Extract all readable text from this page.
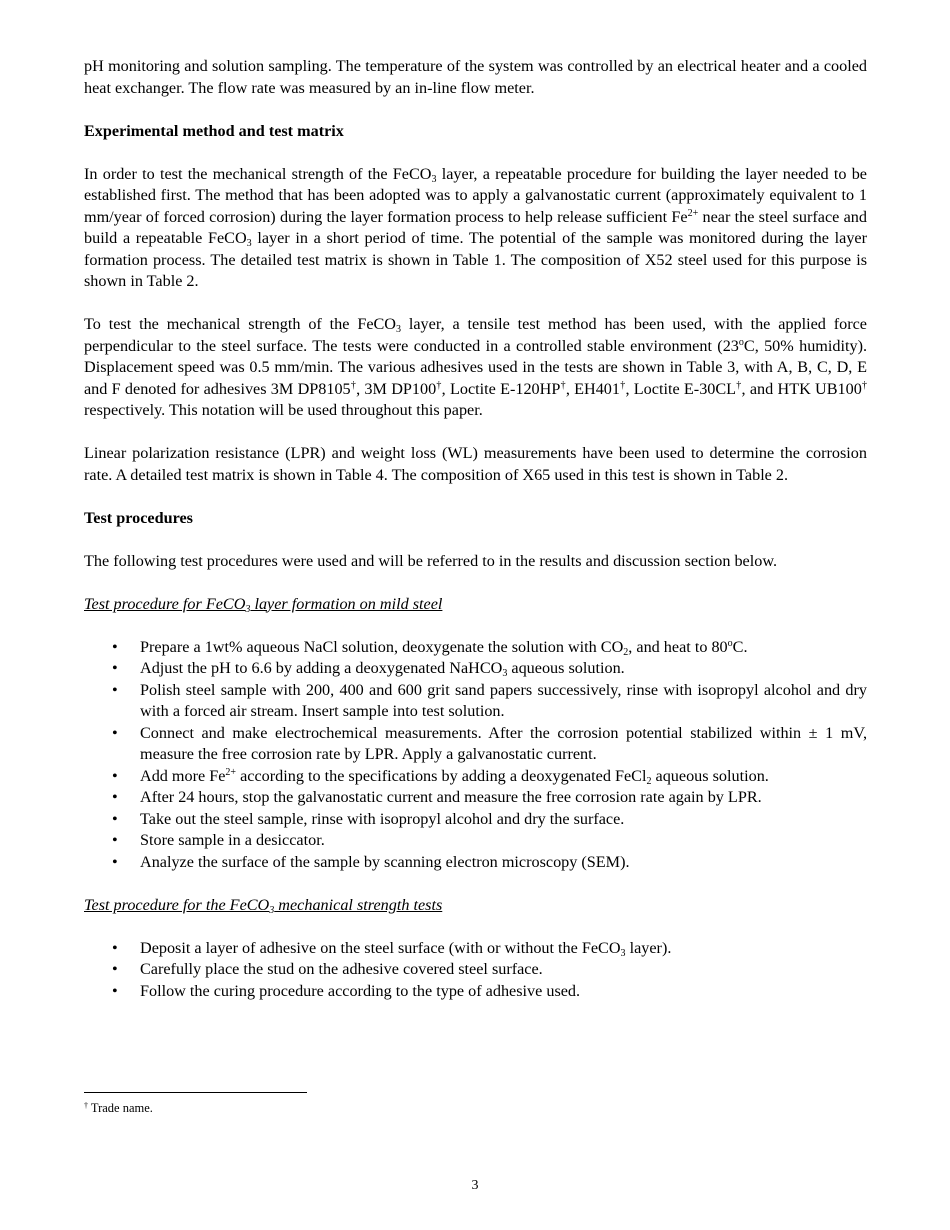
pH monitoring and solution sampling. The temperature of the system was controlled by an electrical heater and a cooled heat exchanger. The flow rate was measured by an in-line flow meter.

Experimental method and test matrix

In order to test the mechanical strength of the FeCO$_3$ layer, a repeatable procedure for building the layer needed to be established first. The method that has been adopted was to apply a galvanostatic current (approximately equivalent to 1 mm/year of forced corrosion) during the layer formation process to help release sufficient $Fe^{2+}$ near the steel surface and build a repeatable FeCO$_3$ layer in a short period of time. The potential of the sample was monitored during the layer formation process. The detailed test matrix is shown in Table 1. The composition of X52 steel used for this purpose is shown in Table 2.

To test the mechanical strength of the FeCO$_3$ layer, a tensile test method has been used, with the applied force perpendicular to the steel surface. The tests were conducted in a controlled stable environment (23$^o$C, 50% humidity). Displacement speed was 0.5 mm/min. The various adhesives used in the tests are shown in Table 3, with A, B, C, D, E and F denoted for adhesives 3M DP8105†, 3M DP100†, Loctite E-120HP†, EH401†, Loctite E-30CL†, and HTK UB100† respectively. This notation will be used throughout this paper.

Linear polarization resistance (LPR) and weight loss (WL) measurements have been used to determine the corrosion rate. A detailed test matrix is shown in Table 4. The composition of X65 used in this test is shown in Table 2.

Test procedures

The following test procedures were used and will be referred to in the results and discussion section below.

Test procedure for FeCO$_3$ layer formation on mild steel
• Prepare a 1wt% aqueous NaCl solution, deoxygenate the solution with $CO_2$, and heat to 80$^o$C.
• Adjust the pH to 6.6 by adding a deoxygenated NaHCO$_3$ aqueous solution.
• Polish steel sample with 200, 400 and 600 grit sand papers successively, rinse with isopropyl alcohol and dry with a forced air stream. Insert sample into test solution.
• Connect and make electrochemical measurements. After the corrosion potential stabilized within ± 1 mV, measure the free corrosion rate by LPR. Apply a galvanostatic current.
• Add more $Fe^{2+}$ according to the specifications by adding a deoxygenated FeCl$_2$ aqueous solution.
• After 24 hours, stop the galvanostatic current and measure the free corrosion rate again by LPR.
• Take out the steel sample, rinse with isopropyl alcohol and dry the surface.
• Store sample in a desiccator.
• Analyze the surface of the sample by scanning electron microscopy (SEM).
Test procedure for the FeCO$_3$ mechanical strength tests
• Deposit a layer of adhesive on the steel surface (with or without the FeCO$_3$ layer).
• Carefully place the stud on the adhesive covered steel surface.
• Follow the curing procedure according to the type of adhesive used.
† Trade name.
3
